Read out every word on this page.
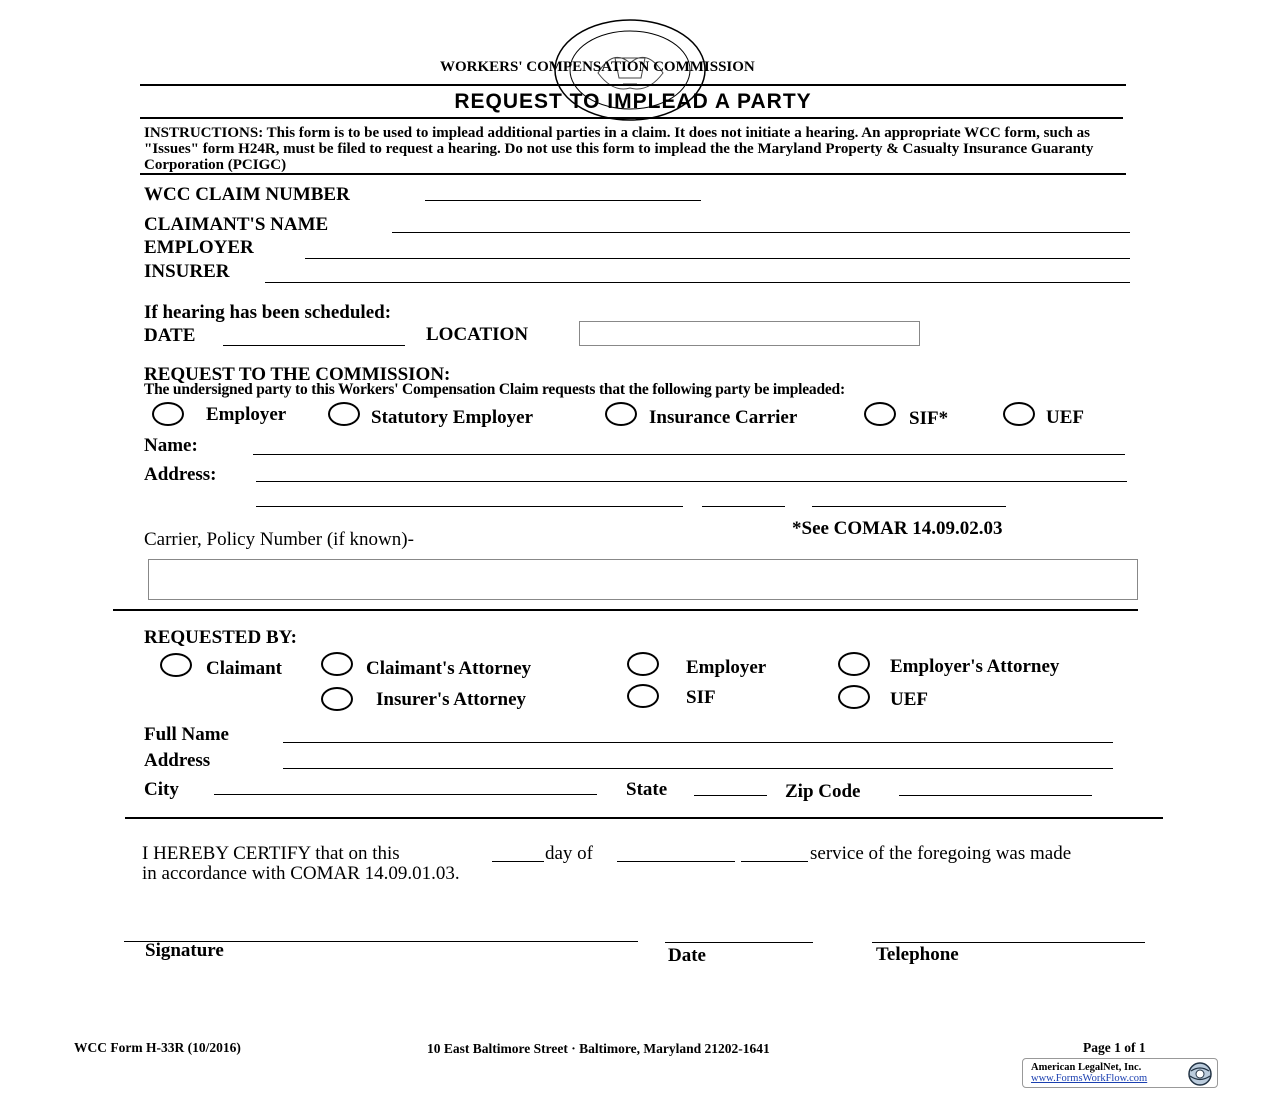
WORKERS' COMPENSATION COMMISSION
REQUEST TO IMPLEAD A PARTY
INSTRUCTIONS: This form is to be used to implead additional parties in a claim. It does not initiate a hearing. An appropriate WCC form, such as "Issues" form H24R, must be filed to request a hearing. Do not use this form to implead the the Maryland Property & Casualty Insurance Guaranty Corporation (PCIGC)
WCC CLAIM NUMBER
CLAIMANT'S NAME
EMPLOYER
INSURER
If hearing has been scheduled:
DATE	LOCATION
REQUEST TO THE COMMISSION:
The undersigned party to this Workers' Compensation Claim requests that the following party be impleaded:
Employer	Statutory Employer	Insurance Carrier	SIF*	UEF
Name:
Address:
Carrier, Policy Number (if known)-
*See COMAR 14.09.02.03
REQUESTED BY:
Claimant	Claimant's Attorney	Employer	Employer's Attorney
Insurer's Attorney	SIF	UEF
Full Name
Address
City	State	Zip Code
I HEREBY CERTIFY that on this	day of	service of the foregoing was made
in accordance with COMAR 14.09.01.03.
Signature	Date	Telephone
WCC Form H-33R (10/2016)	10 East Baltimore Street · Baltimore, Maryland 21202-1641	Page 1 of 1
American LegalNet, Inc.
www.FormsWorkFlow.com
